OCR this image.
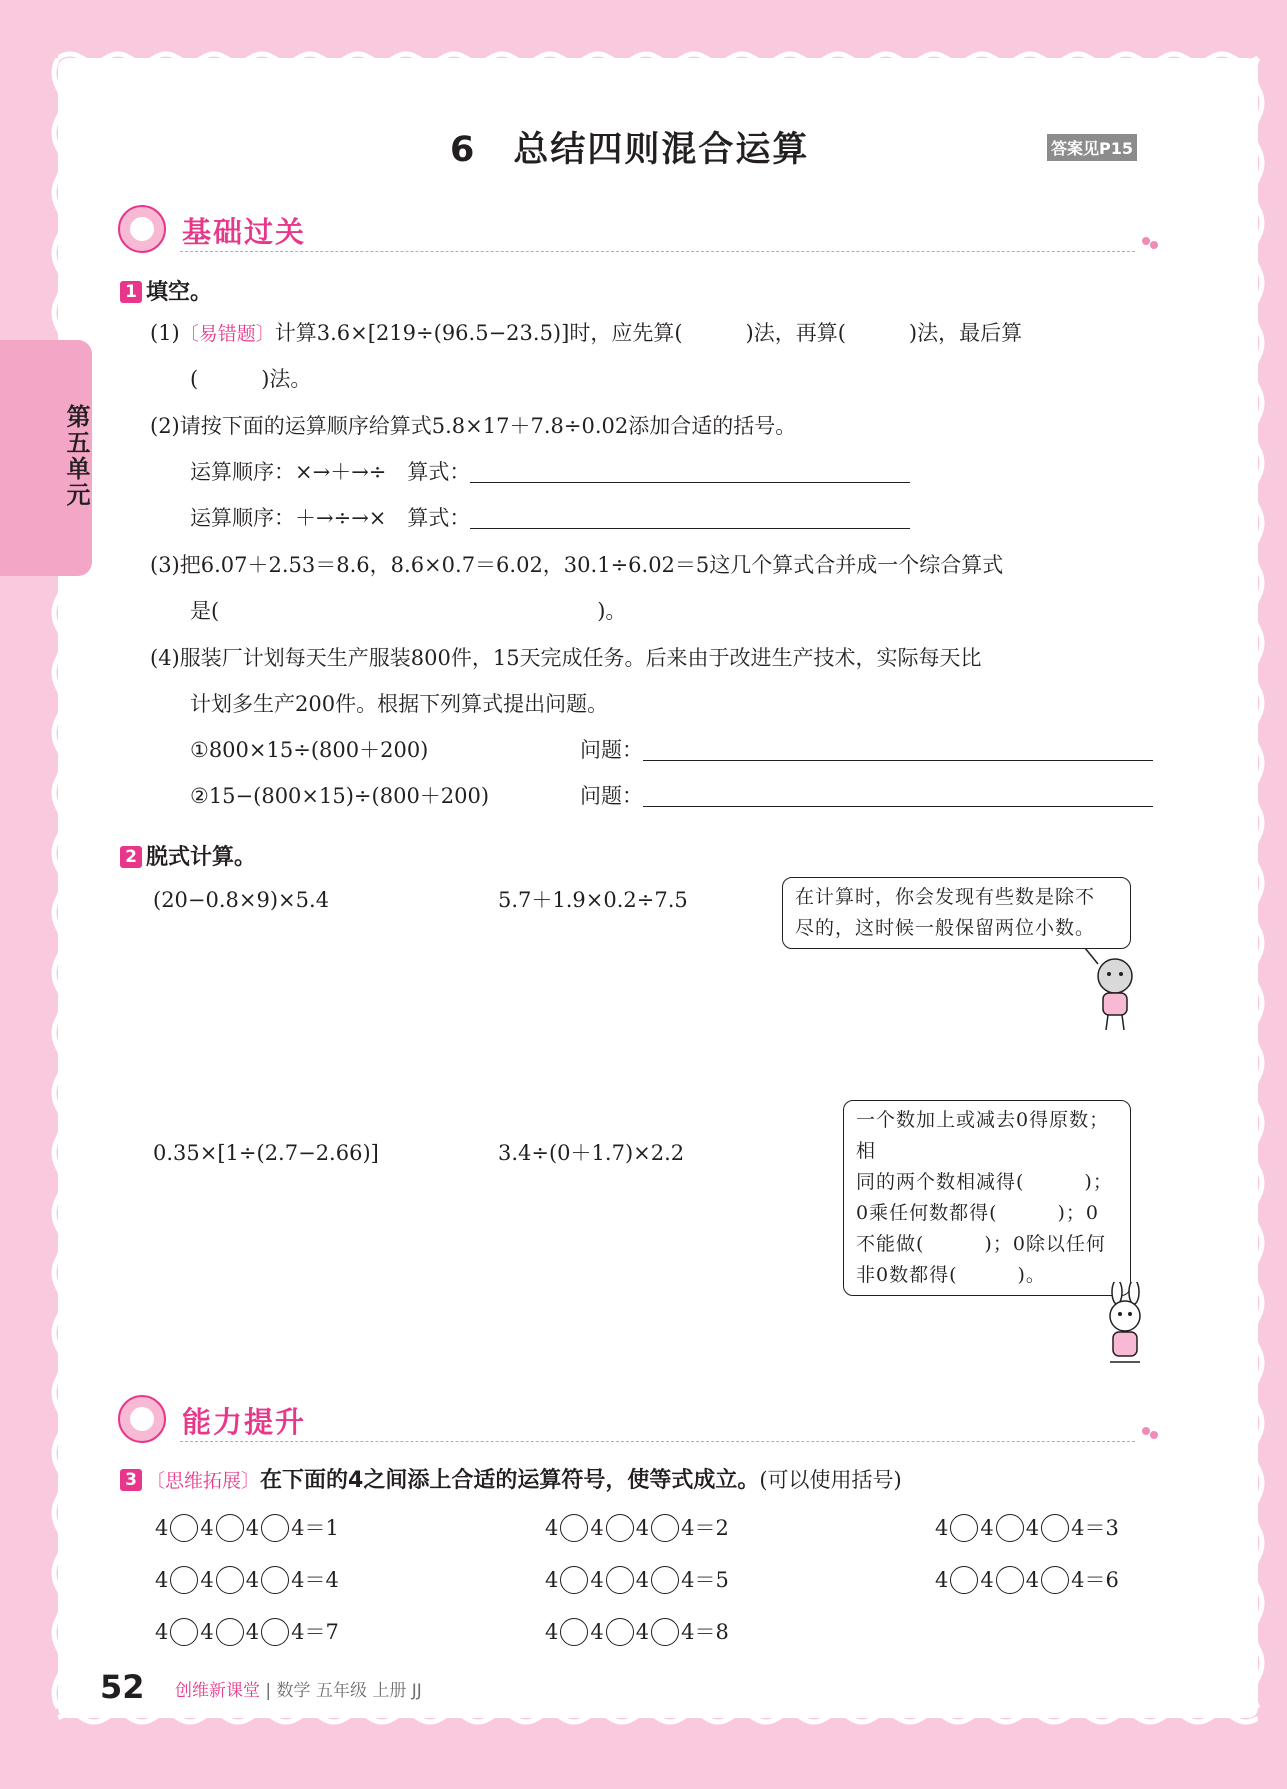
第五单元
6　总结四则混合运算	答案见P15
基础过关
1 填空。
(1)〔易错题〕计算3.6×[219÷(96.5−23.5)]时，应先算(　　　)法，再算(　　　)法，最后算
(　　　)法。
(2)请按下面的运算顺序给算式5.8×17＋7.8÷0.02添加合适的括号。
运算顺序：×→＋→÷　算式：
运算顺序：＋→÷→×　算式：
(3)把6.07＋2.53＝8.6，8.6×0.7＝6.02，30.1÷6.02＝5这几个算式合并成一个综合算式
是(　　　　　　　　　　　　　　　　　　)。
(4)服装厂计划每天生产服装800件，15天完成任务。后来由于改进生产技术，实际每天比
计划多生产200件。根据下列算式提出问题。
①800×15÷(800＋200)	问题：
②15−(800×15)÷(800＋200)	问题：
2 脱式计算。
(20−0.8×9)×5.4	5.7＋1.9×0.2÷7.5
0.35×[1÷(2.7−2.66)]	3.4÷(0＋1.7)×2.2
在计算时，你会发现有些数是除不
尽的，这时候一般保留两位小数。
一个数加上或减去0得原数；相
同的两个数相减得(　　　)；
0乘任何数都得(　　　)；0
不能做(　　　)；0除以任何
非0数都得(　　　)。
能力提升
3 〔思维拓展〕在下面的4之间添上合适的运算符号，使等式成立。(可以使用括号)
4 4 4 4＝1	4 4 4 4＝2	4 4 4 4＝3
4 4 4 4＝4	4 4 4 4＝5	4 4 4 4＝6
4 4 4 4＝7	4 4 4 4＝8
52 创维新课堂 | 数学 五年级 上册 JJ
